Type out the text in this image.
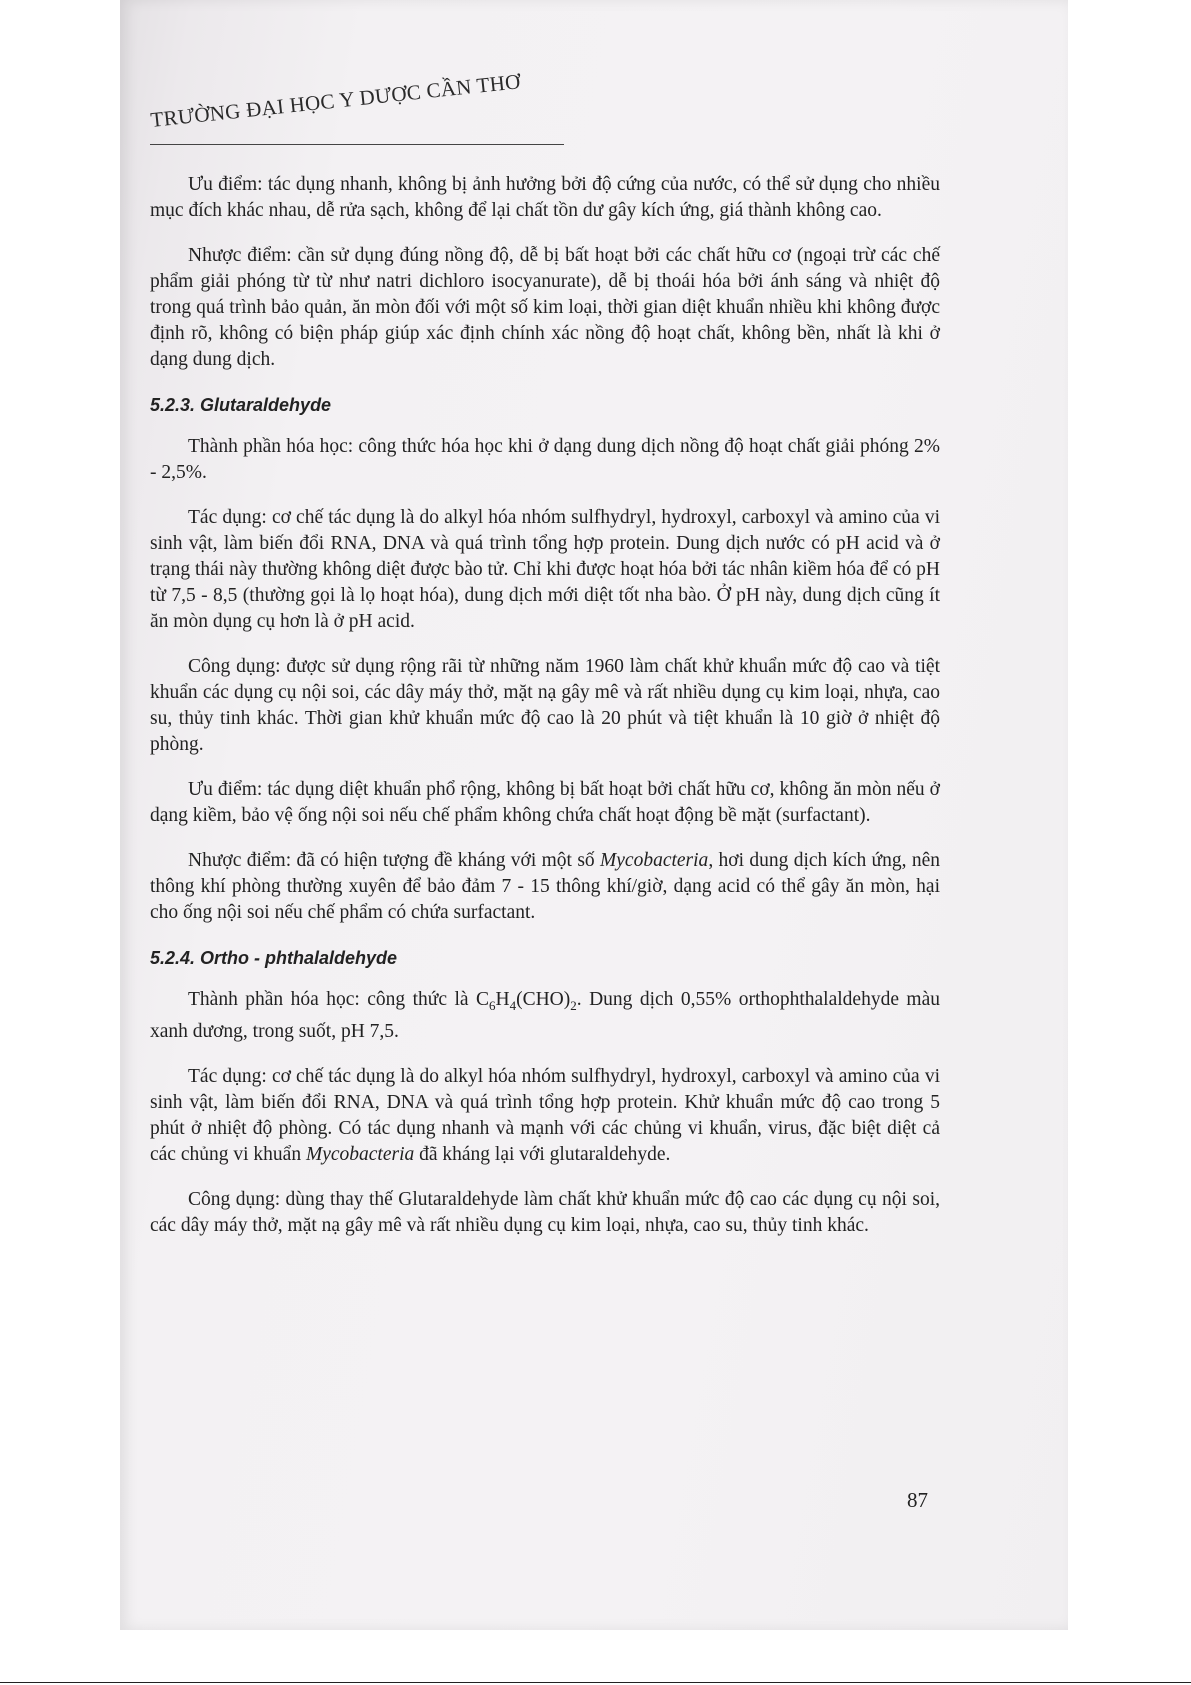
TRƯỜNG ĐẠI HỌC Y DƯỢC CẦN THƠ

Ưu điểm: tác dụng nhanh, không bị ảnh hưởng bởi độ cứng của nước, có thể sử dụng cho nhiều mục đích khác nhau, dễ rửa sạch, không để lại chất tồn dư gây kích ứng, giá thành không cao.

Nhược điểm: cần sử dụng đúng nồng độ, dễ bị bất hoạt bởi các chất hữu cơ (ngoại trừ các chế phẩm giải phóng từ từ như natri dichloro isocyanurate), dễ bị thoái hóa bởi ánh sáng và nhiệt độ trong quá trình bảo quản, ăn mòn đối với một số kim loại, thời gian diệt khuẩn nhiều khi không được định rõ, không có biện pháp giúp xác định chính xác nồng độ hoạt chất, không bền, nhất là khi ở dạng dung dịch.

5.2.3. Glutaraldehyde

Thành phần hóa học: công thức hóa học khi ở dạng dung dịch nồng độ hoạt chất giải phóng 2% - 2,5%.

Tác dụng: cơ chế tác dụng là do alkyl hóa nhóm sulfhydryl, hydroxyl, carboxyl và amino của vi sinh vật, làm biến đổi RNA, DNA và quá trình tổng hợp protein. Dung dịch nước có pH acid và ở trạng thái này thường không diệt được bào tử. Chỉ khi được hoạt hóa bởi tác nhân kiềm hóa để có pH từ 7,5 - 8,5 (thường gọi là lọ hoạt hóa), dung dịch mới diệt tốt nha bào. Ở pH này, dung dịch cũng ít ăn mòn dụng cụ hơn là ở pH acid.

Công dụng: được sử dụng rộng rãi từ những năm 1960 làm chất khử khuẩn mức độ cao và tiệt khuẩn các dụng cụ nội soi, các dây máy thở, mặt nạ gây mê và rất nhiều dụng cụ kim loại, nhựa, cao su, thủy tinh khác. Thời gian khử khuẩn mức độ cao là 20 phút và tiệt khuẩn là 10 giờ ở nhiệt độ phòng.

Ưu điểm: tác dụng diệt khuẩn phổ rộng, không bị bất hoạt bởi chất hữu cơ, không ăn mòn nếu ở dạng kiềm, bảo vệ ống nội soi nếu chế phẩm không chứa chất hoạt động bề mặt (surfactant).

Nhược điểm: đã có hiện tượng đề kháng với một số Mycobacteria, hơi dung dịch kích ứng, nên thông khí phòng thường xuyên để bảo đảm 7 - 15 thông khí/giờ, dạng acid có thể gây ăn mòn, hại cho ống nội soi nếu chế phẩm có chứa surfactant.

5.2.4. Ortho - phthalaldehyde

Thành phần hóa học: công thức là $C_6H_4(CHO)_2$. Dung dịch 0,55% orthophthalaldehyde màu xanh dương, trong suốt, pH 7,5.

Tác dụng: cơ chế tác dụng là do alkyl hóa nhóm sulfhydryl, hydroxyl, carboxyl và amino của vi sinh vật, làm biến đổi RNA, DNA và quá trình tổng hợp protein. Khử khuẩn mức độ cao trong 5 phút ở nhiệt độ phòng. Có tác dụng nhanh và mạnh với các chủng vi khuẩn, virus, đặc biệt diệt cả các chủng vi khuẩn Mycobacteria đã kháng lại với glutaraldehyde.

Công dụng: dùng thay thế Glutaraldehyde làm chất khử khuẩn mức độ cao các dụng cụ nội soi, các dây máy thở, mặt nạ gây mê và rất nhiều dụng cụ kim loại, nhựa, cao su, thủy tinh khác.

87
